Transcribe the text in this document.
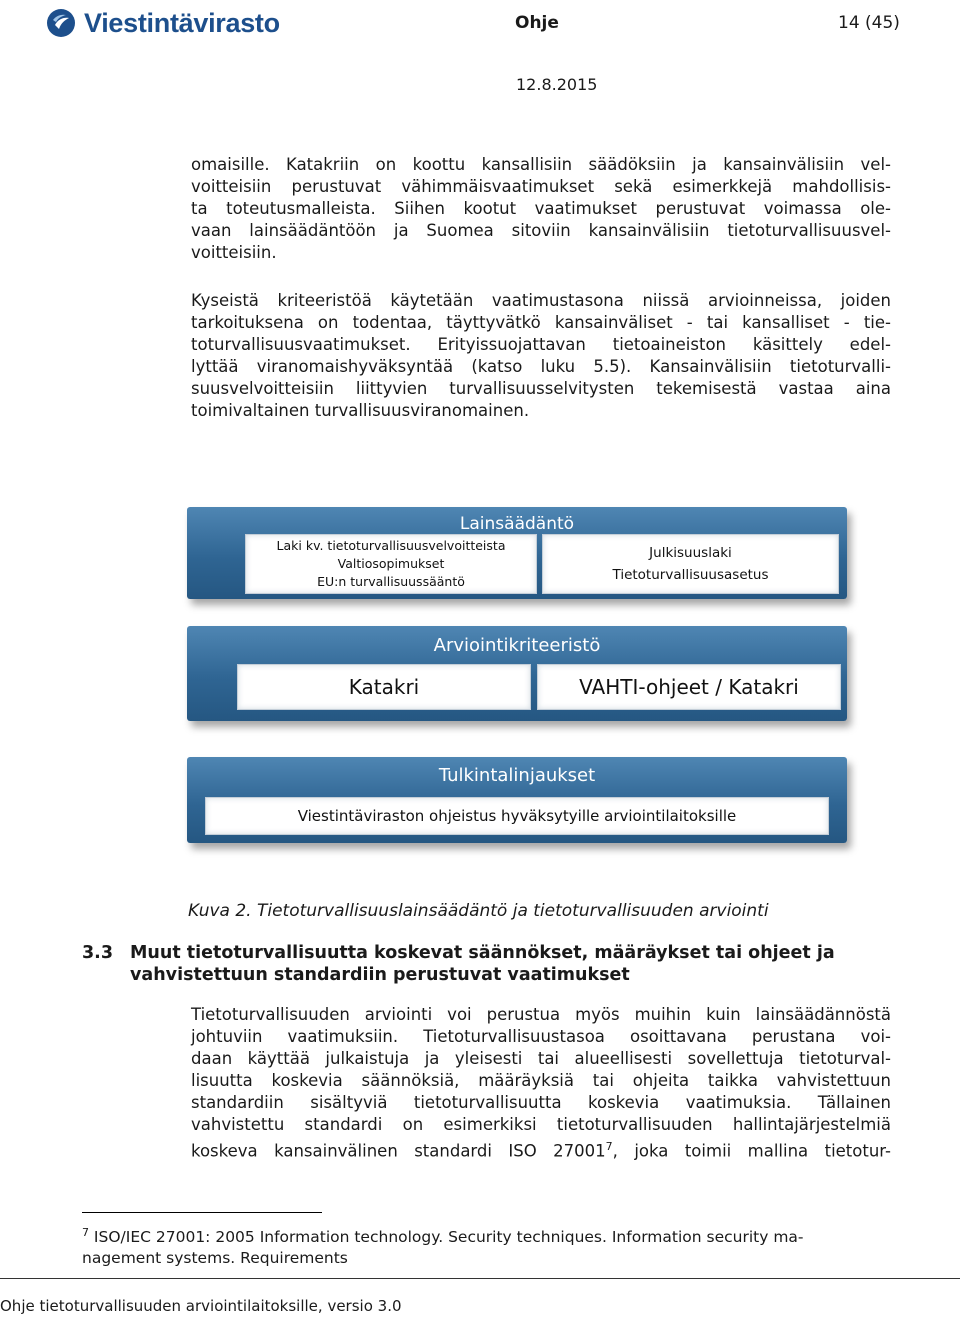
Viestintävirasto	Ohje	14 (45)
12.8.2015
omaisille. Katakriin on koottu kansallisiin säädöksiin ja kansainvälisiin vel-
voitteisiin perustuvat vähimmäisvaatimukset sekä esimerkkejä mahdollisis-
ta toteutusmalleista. Siihen kootut vaatimukset perustuvat voimassa ole-
vaan lainsäädäntöön ja Suomea sitoviin kansainvälisiin tietoturvallisuusvel-
voitteisiin.
Kyseistä kriteeristöä käytetään vaatimustasona niissä arvioinneissa, joiden
tarkoituksena on todentaa, täyttyvätkö kansainväliset - tai kansalliset - tie-
toturvallisuusvaatimukset. Erityissuojattavan tietoaineiston käsittely edel-
lyttää viranomaishyväksyntää (katso luku 5.5). Kansainvälisiin tietoturvalli-
suusvelvoitteisiin liittyvien turvallisuusselvitysten tekemisestä vastaa aina
toimivaltainen turvallisuusviranomainen.
Lainsäädäntö
Laki kv. tietoturvallisuusvelvoitteista
Valtiosopimukset
EU:n turvallisuussääntö
Julkisuuslaki
Tietoturvallisuusasetus
Arviointikriteeristö
Katakri	VAHTI-ohjeet / Katakri
Tulkintalinjaukset
Viestintäviraston ohjeistus hyväksytyille arviointilaitoksille
Kuva 2. Tietoturvallisuuslainsäädäntö ja tietoturvallisuuden arviointi
3.3 Muut tietoturvallisuutta koskevat säännökset, määräykset tai ohjeet ja
vahvistettuun standardiin perustuvat vaatimukset
Tietoturvallisuuden arviointi voi perustua myös muihin kuin lainsäädännöstä
johtuviin vaatimuksiin. Tietoturvallisuustasoa osoittavana perustana voi-
daan käyttää julkaistuja ja yleisesti tai alueellisesti sovellettuja tietoturval-
lisuutta koskevia säännöksiä, määräyksiä tai ohjeita taikka vahvistettuun
standardiin sisältyviä tietoturvallisuutta koskevia vaatimuksia. Tällainen
vahvistettu standardi on esimerkiksi tietoturvallisuuden hallintajärjestelmiä
koskeva kansainvälinen standardi ISO 27001$^7$, joka toimii mallina tietotur-
$^7$ ISO/IEC 27001: 2005 Information technology. Security techniques. Information security ma-
nagement systems. Requirements
Ohje tietoturvallisuuden arviointilaitoksille, versio 3.0
